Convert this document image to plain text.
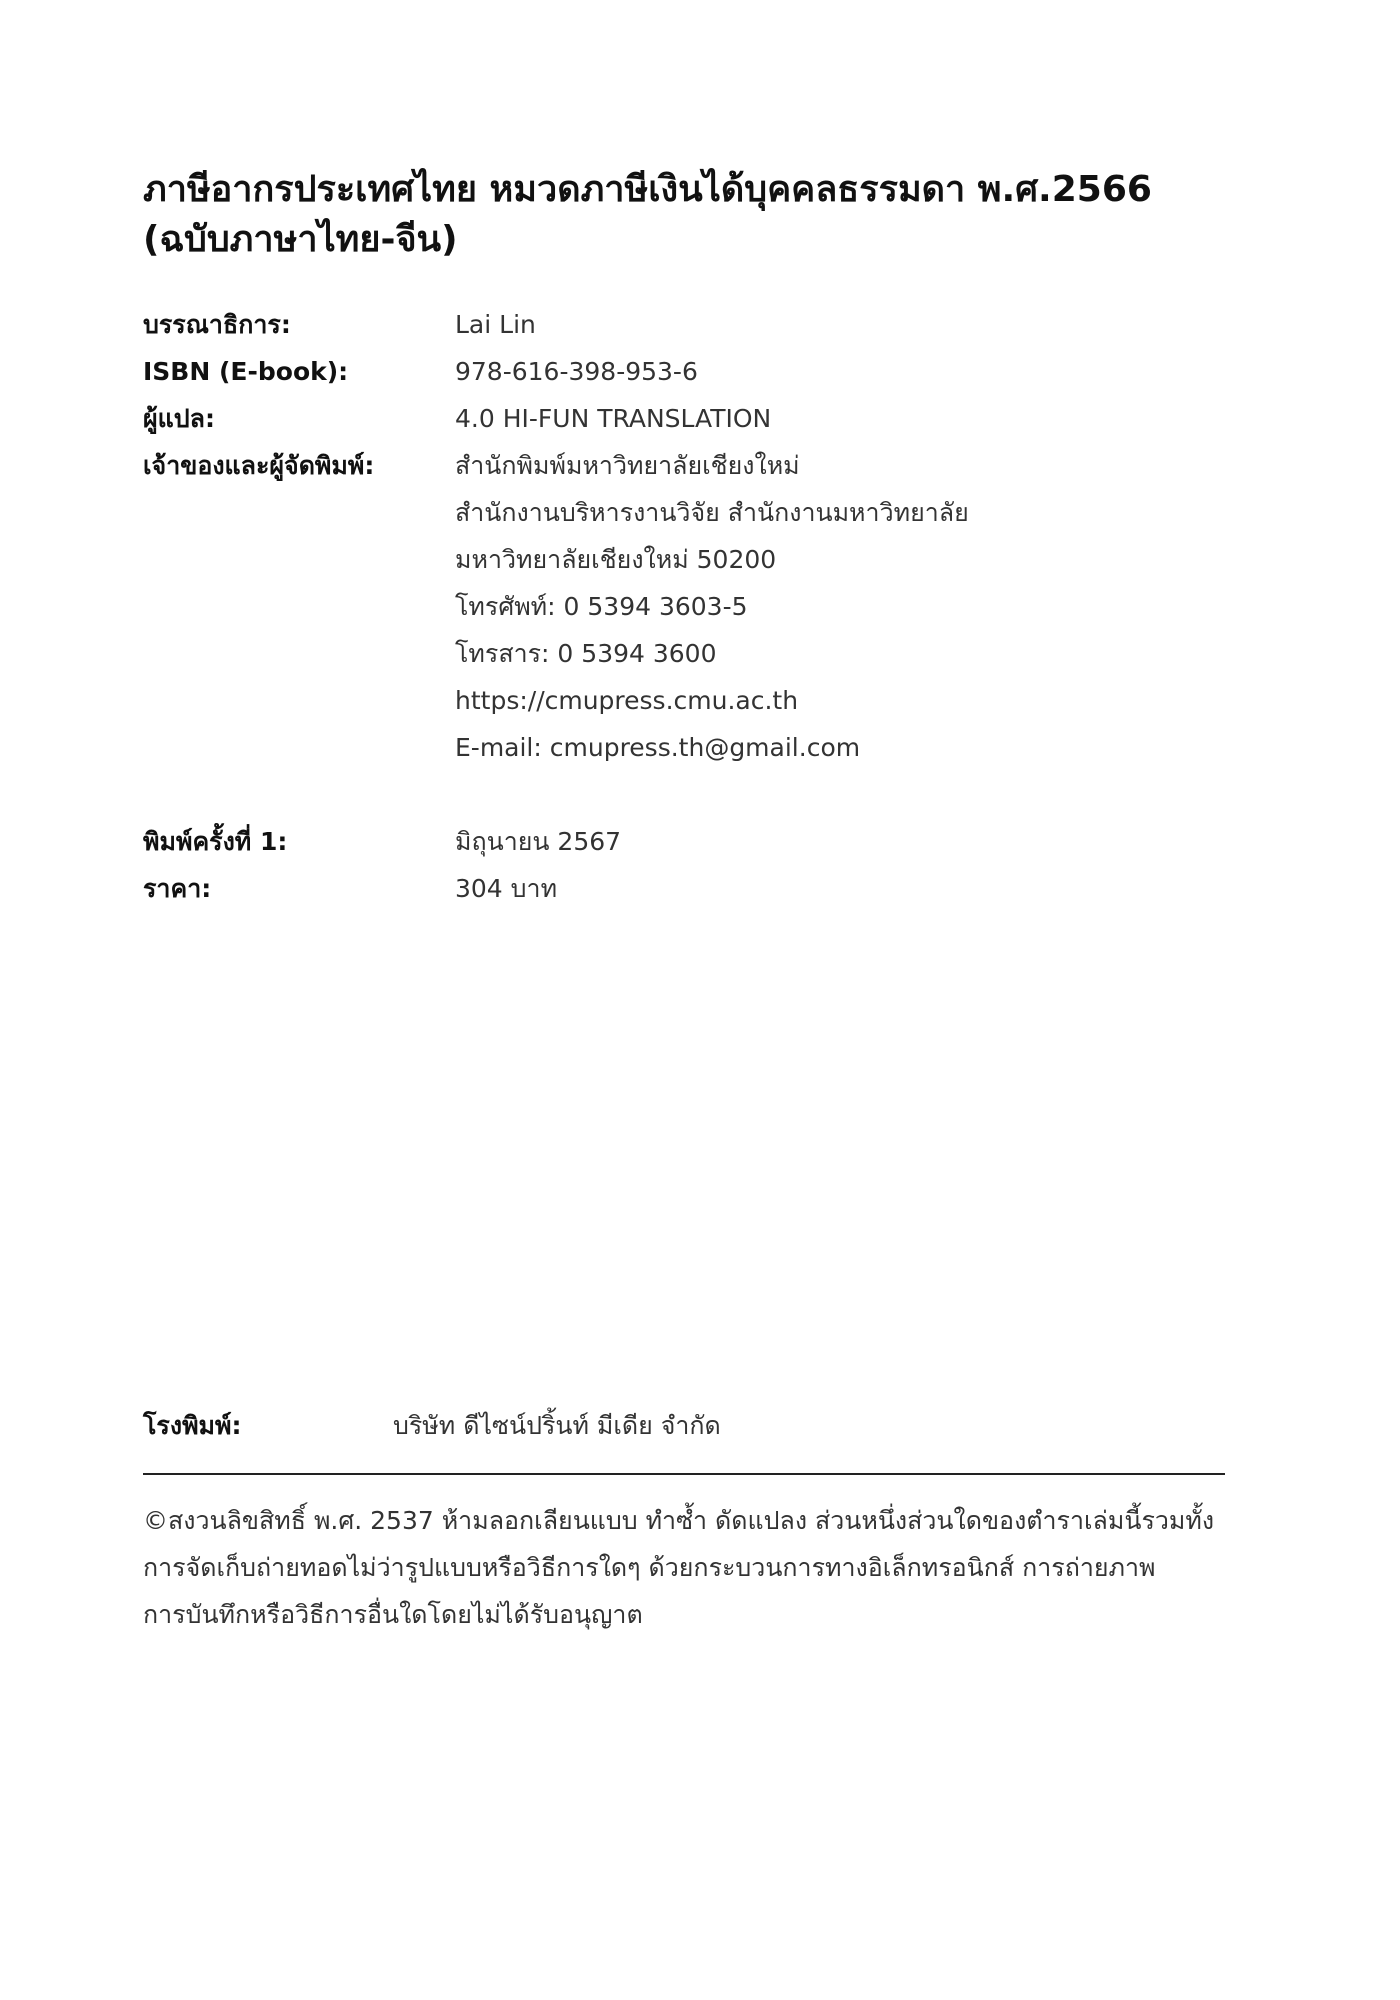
ภาษีอากรประเทศไทย หมวดภาษีเงินได้บุคคลธรรมดา พ.ศ.2566
(ฉบับภาษาไทย-จีน)
บรรณาธิการ:	Lai Lin
ISBN (E-book):	978-616-398-953-6
ผู้แปล:	4.0 HI-FUN TRANSLATION
เจ้าของและผู้จัดพิมพ์:	สำนักพิมพ์มหาวิทยาลัยเชียงใหม่
สำนักงานบริหารงานวิจัย สำนักงานมหาวิทยาลัย
มหาวิทยาลัยเชียงใหม่ 50200
โทรศัพท์: 0 5394 3603-5
โทรสาร: 0 5394 3600
https://cmupress.cmu.ac.th
E-mail: cmupress.th@gmail.com
พิมพ์ครั้งที่ 1:	มิถุนายน 2567
ราคา:	304 บาท
โรงพิมพ์:	บริษัท ดีไซน์ปริ้นท์ มีเดีย จำกัด
©สงวนลิขสิทธิ์ พ.ศ. 2537 ห้ามลอกเลียนแบบ ทำซ้ำ ดัดแปลง ส่วนหนึ่งส่วนใดของตำราเล่มนี้รวมทั้ง
การจัดเก็บถ่ายทอดไม่ว่ารูปแบบหรือวิธีการใดๆ ด้วยกระบวนการทางอิเล็กทรอนิกส์ การถ่ายภาพ
การบันทึกหรือวิธีการอื่นใดโดยไม่ได้รับอนุญาต
